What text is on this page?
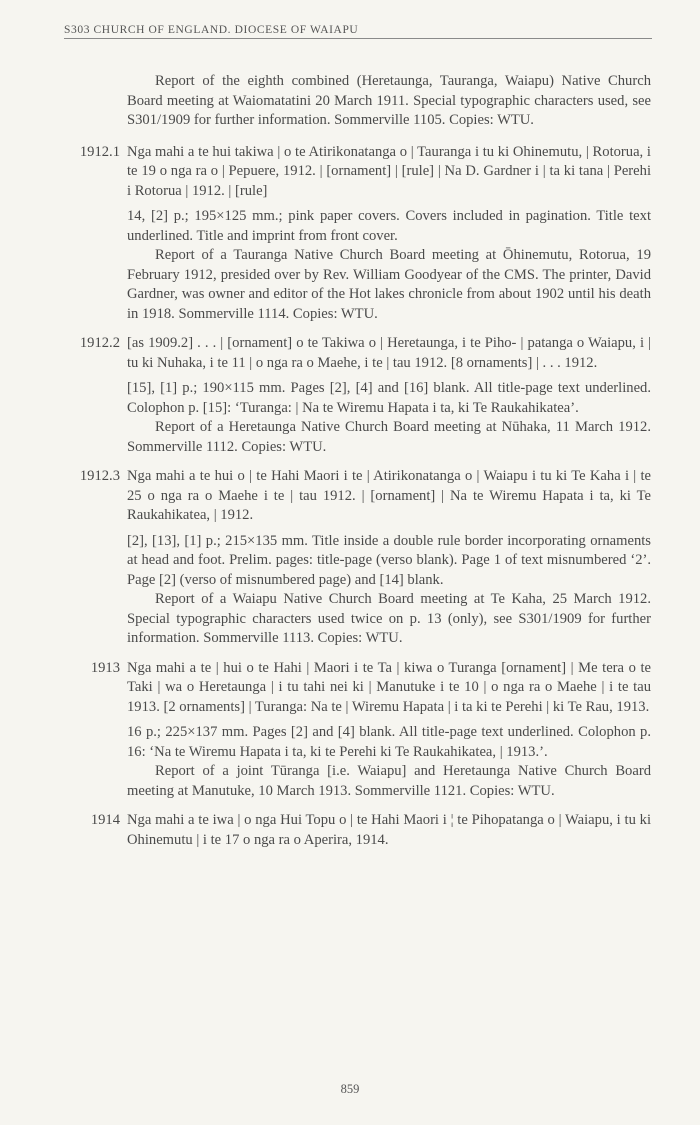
S303 CHURCH OF ENGLAND. DIOCESE OF WAIAPU
Report of the eighth combined (Heretaunga, Tauranga, Waiapu) Native Church Board meeting at Waiomatatini 20 March 1911. Special typographic characters used, see S301/1909 for further information. Sommerville 1105. Copies: WTU.
1912.1 Nga mahi a te hui takiwa | o te Atirikonatanga o | Tauranga i tu ki Ohinemutu, | Rotorua, i te 19 o nga ra o | Pepuere, 1912. | [ornament] | [rule] | Na D. Gardner i | ta ki tana | Perehi i Rotorua | 1912. | [rule]
14, [2] p.; 195×125 mm.; pink paper covers. Covers included in pagination. Title text underlined. Title and imprint from front cover.
Report of a Tauranga Native Church Board meeting at Ōhinemutu, Rotorua, 19 February 1912, presided over by Rev. William Goodyear of the CMS. The printer, David Gardner, was owner and editor of the Hot lakes chronicle from about 1902 until his death in 1918. Sommerville 1114. Copies: WTU.
1912.2 [as 1909.2] . . . | [ornament] o te Takiwa o | Heretaunga, i te Piho- | patanga o Waiapu, i | tu ki Nuhaka, i te 11 | o nga ra o Maehe, i te | tau 1912. [8 ornaments] | . . . 1912.
[15], [1] p.; 190×115 mm. Pages [2], [4] and [16] blank. All title-page text underlined. Colophon p. [15]: ‘Turanga: | Na te Wiremu Hapata i ta, ki Te Raukahikatea’.
Report of a Heretaunga Native Church Board meeting at Nūhaka, 11 March 1912. Sommerville 1112. Copies: WTU.
1912.3 Nga mahi a te hui o | te Hahi Maori i te | Atirikonatanga o | Waiapu i tu ki Te Kaha i | te 25 o nga ra o Maehe i te | tau 1912. | [ornament] | Na te Wiremu Hapata i ta, ki Te Raukahikatea, | 1912.
[2], [13], [1] p.; 215×135 mm. Title inside a double rule border incorporating ornaments at head and foot. Prelim. pages: title-page (verso blank). Page 1 of text misnumbered ‘2’. Page [2] (verso of misnumbered page) and [14] blank.
Report of a Waiapu Native Church Board meeting at Te Kaha, 25 March 1912. Special typographic characters used twice on p. 13 (only), see S301/1909 for further information. Sommerville 1113. Copies: WTU.
1913 Nga mahi a te | hui o te Hahi | Maori i te Ta | kiwa o Turanga [ornament] | Me tera o te Taki | wa o Heretaunga | i tu tahi nei ki | Manutuke i te 10 | o nga ra o Maehe | i te tau 1913. [2 ornaments] | Turanga: Na te | Wiremu Hapata | i ta ki te Perehi | ki Te Rau, 1913.
16 p.; 225×137 mm. Pages [2] and [4] blank. All title-page text underlined. Colophon p. 16: ‘Na te Wiremu Hapata i ta, ki te Perehi ki Te Raukahikatea, | 1913.’.
Report of a joint Tūranga [i.e. Waiapu] and Heretaunga Native Church Board meeting at Manutuke, 10 March 1913. Sommerville 1121. Copies: WTU.
1914 Nga mahi a te iwa | o nga Hui Topu o | te Hahi Maori i ¦ te Pihopatanga o | Waiapu, i tu ki Ohinemutu | i te 17 o nga ra o Aperira, 1914.
859
